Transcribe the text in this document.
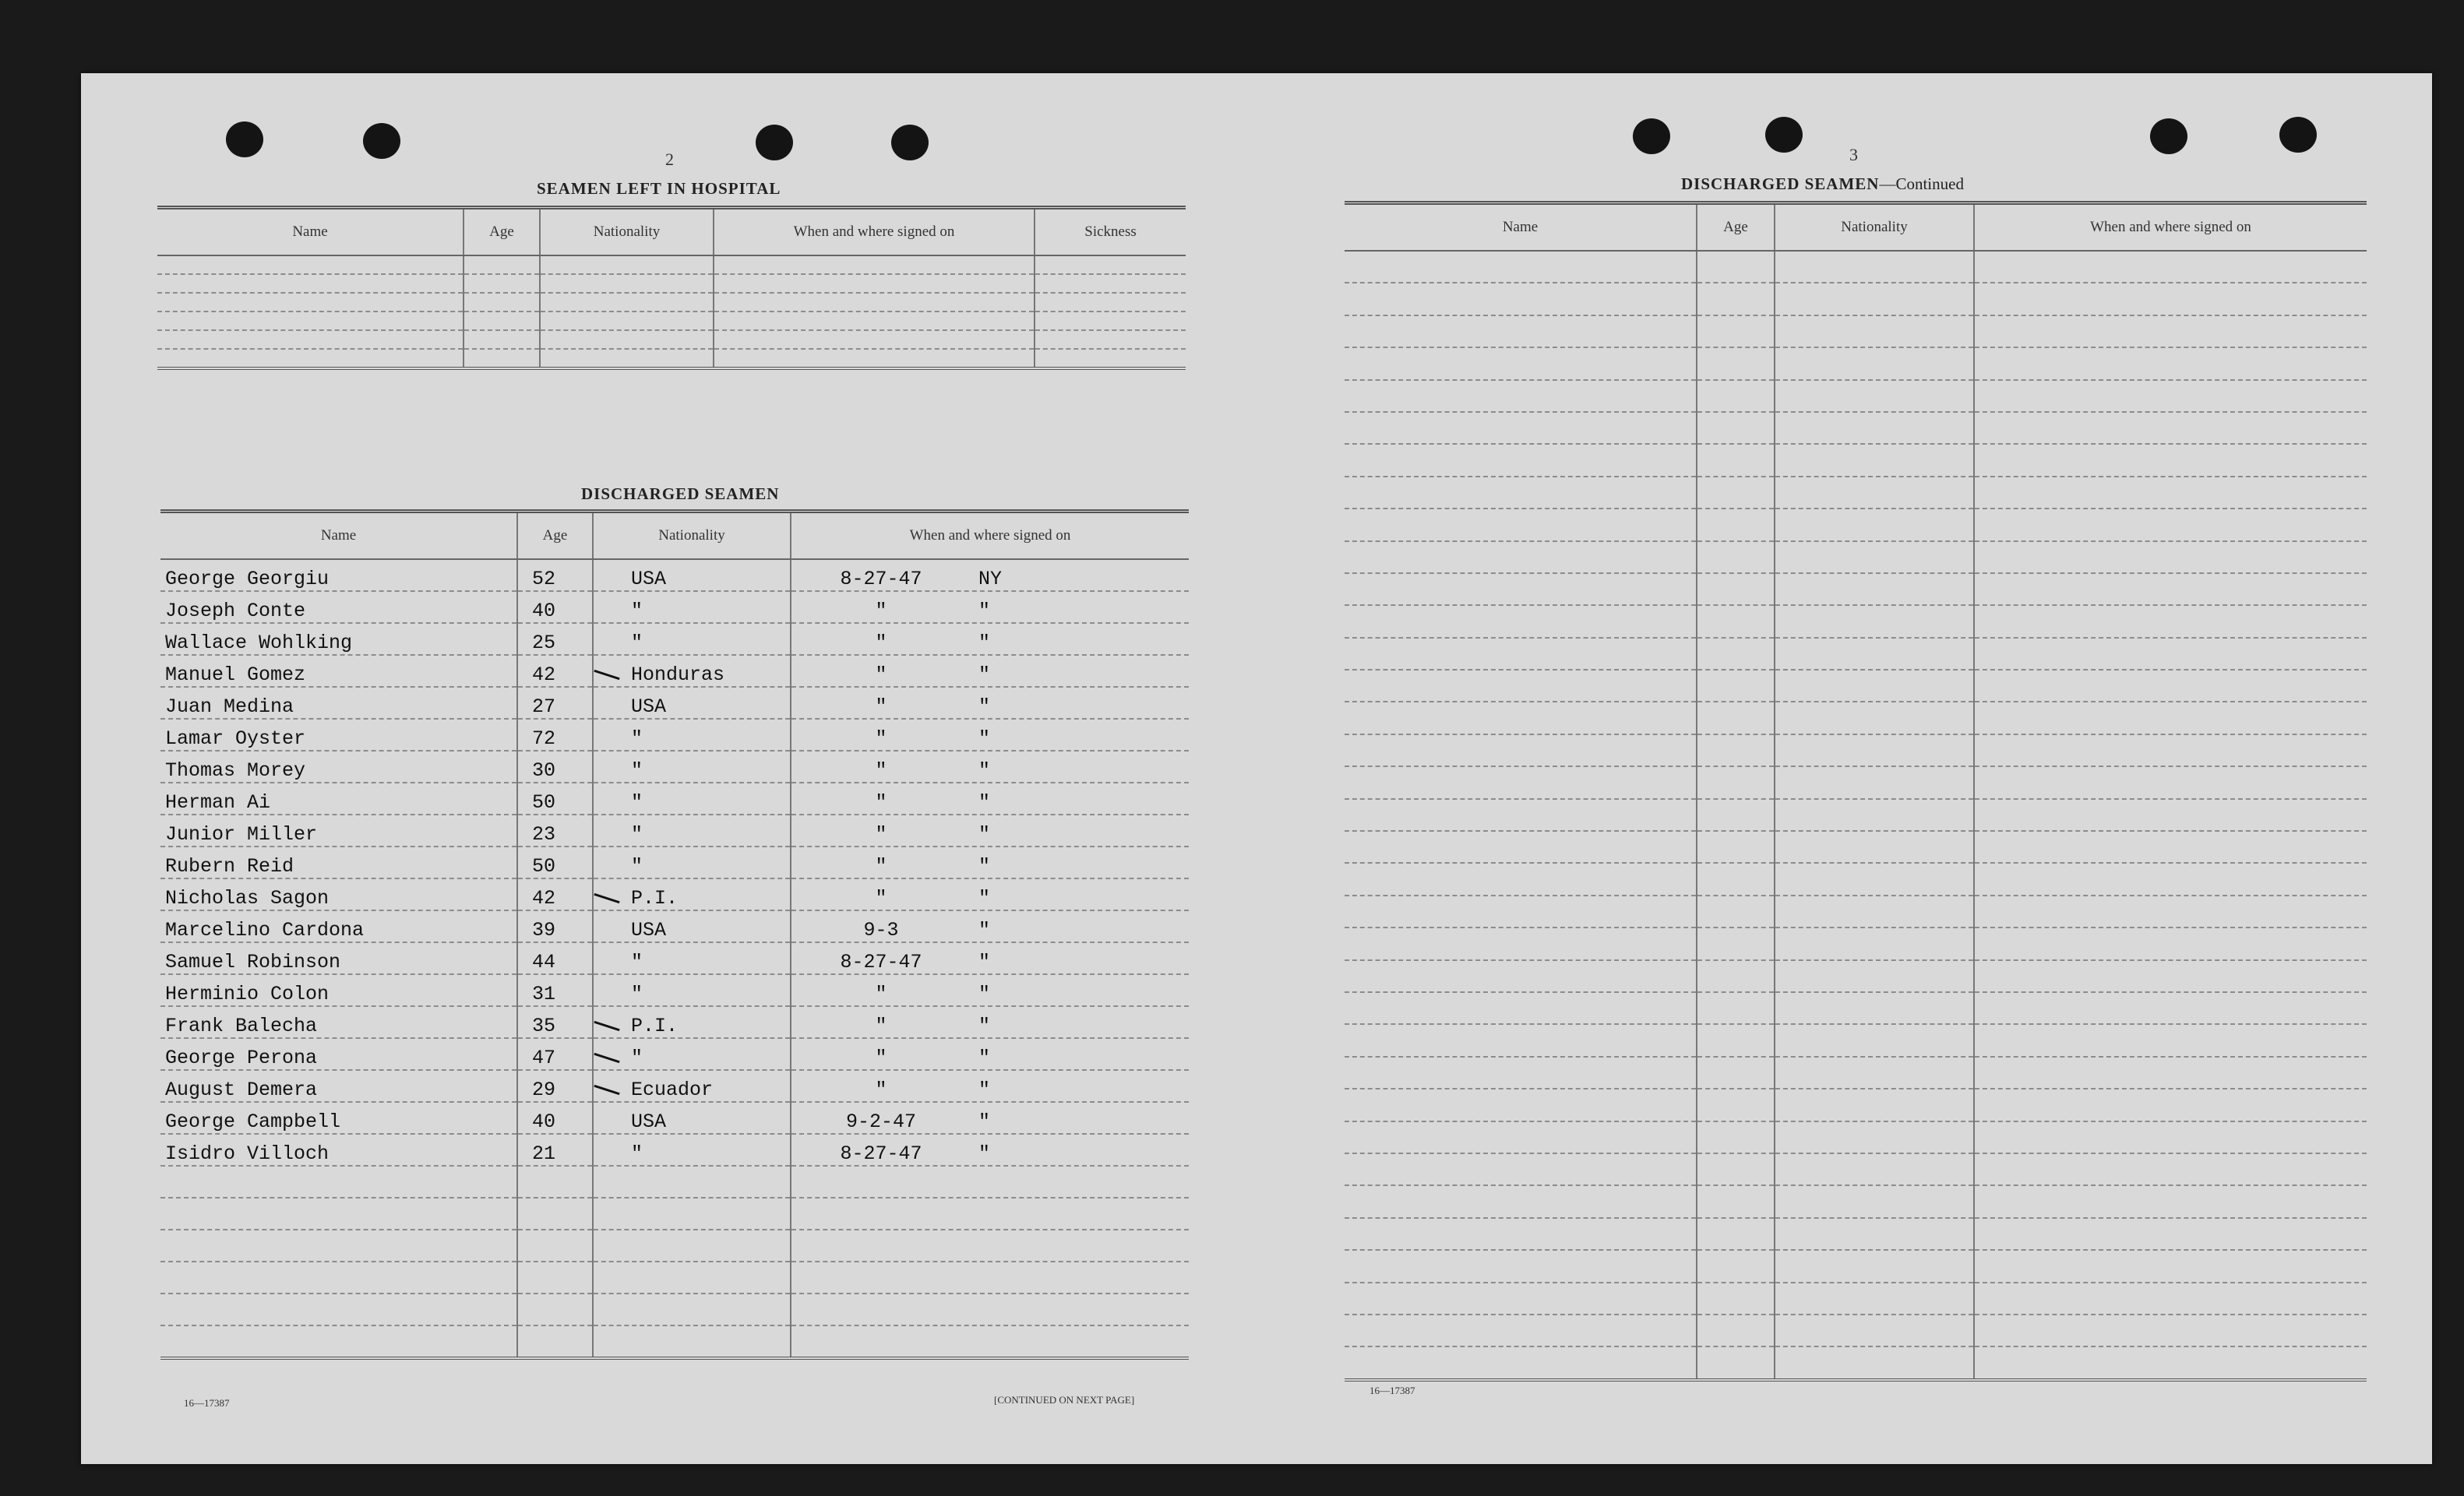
2
SEAMEN LEFT IN HOSPITAL
Name	Age	Nationality	When and where signed on	Sickness

DISCHARGED SEAMEN
Name	Age	Nationality	When and where signed on
George Georgiu	52	USA	8-27-47 NY
Joseph Conte	40	"	" "
Wallace Wohlking	25	"	" "
Manuel Gomez	42	Honduras	" "
Juan Medina	27	USA	" "
Lamar Oyster	72	"	" "
Thomas Morey	30	"	" "
Herman Ai	50	"	" "
Junior Miller	23	"	" "
Rubern Reid	50	"	" "
Nicholas Sagon	42	P.I.	" "
Marcelino Cardona	39	USA	9-3 "
Samuel Robinson	44	"	8-27-47 "
Herminio Colon	31	"	" "
Frank Balecha	35	P.I.	" "
George Perona	47	"	" "
August Demera	29	Ecuador	" "
George Campbell	40	USA	9-2-47 "
Isidro Villoch	21	"	8-27-47 "

16—17387	[CONTINUED ON NEXT PAGE]
3
DISCHARGED SEAMEN—Continued
Name	Age	Nationality	When and where signed on

16—17387
